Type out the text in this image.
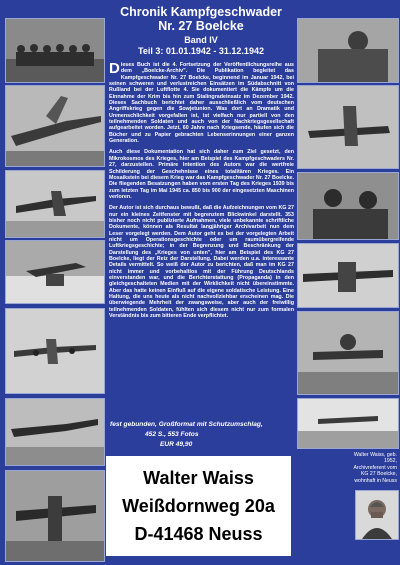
Chronik Kampfgeschwader
Nr. 27 Boelcke
Band IV
Teil 3: 01.01.1942 - 31.12.1942

Dieses Buch ist die 4. Fortsetzung der Veröffentlichungsreihe aus dem „Boelcke-Archiv". Die Publikation begleitet das Kampfgeschwader Nr. 27 Boelcke, beginnend im Januar 1942, bei seinen schweren und verlustreichen Einsätzen im Südabschnitt von Rußland bei der Luftflotte 4. Sie dokumentiert die Kämpfe um die Einnahme der Krim bis hin zum Stalingradeinsatz im Dezember 1942. Dieses Sachbuch berichtet daher ausschließlich vom deutschen Angriffskrieg gegen die Sowjetunion. Was dort an Dramatik und Unmenschlichkeit vorgefallen ist, ist vielfach nur partiell von den teilnehmenden Soldaten und auch von der Nachkriegsgesellschaft aufgearbeitet worden. Jetzt, 60 Jahre nach Kriegsende, häufen sich die Bücher und zu Papier gebrachten Lebenserinnungen einer ganzen Generation.

Auch diese Dokumentation hat sich daher zum Ziel gesetzt, den Mikrokosmos des Krieges, hier am Beispiel des Kampfgeschwaders Nr. 27, darzustellen. Primäre Intention des Autors war die wertfreie Schilderung der Geschehnisse eines totalitären Krieges. Ein Mosaikstein bei diesem Krieg war das Kampfgeschwader Nr. 27 Boelcke. Die fliegenden Besatzungen haben vom ersten Tag des Krieges 1939 bis zum letzten Tag im Mai 1945 ca. 850 bis 900 der eingesetzten Maschinen verloren.

Der Autor ist sich durchaus bewußt, daß die Aufzeichnungen vom KG 27 nur ein kleines Zeitfenster mit begrenztem Blickwinkel darstellt. 353 bisher noch nicht publizierte Aufnahmen, viele unbekannte schriftliche Dokumente, können als Resultat langjähriger Archivarbeit nun dem Leser vorgelegt werden. Dem Autor geht es bei der vorgelegten Arbeit nicht um Operationsgeschichte oder um raumübergreifende Luftkriegsgeschichte; in der Begrenzung und Beschränkung der Darstellung des „Krieges von unten", hier am Beispiel des KG 27 Boelcke, liegt der Reiz der Darstellung. Dabei werden u.a. interessante Details vermittelt. So weiß der Autor zu berichten, daß man im KG 27 nicht immer und vorbehaltlos mit der Führung Deutschlands einverstanden war, und die Berichterstattung (Propaganda) in den gleichgeschalteten Medien mit der Wirklichkeit nicht übereinstimmte. Aber das hatte keinen Einfluß auf die eigene soldatische Leistung. Eine Haltung, die uns heute als nicht nachvollziehbar erscheinen mag. Die überwiegende Mehrheit der zwangsweise, aber auch der freiwillig teilnehmenden Soldaten, fühlten sich diesem nicht nur zum formalen Verständnis bis zum bitteren Ende verpflichtet.

fest gebunden, Großformat mit Schutzumschlag,
452 S., 553 Fotos
EUR 49,90
Walter Waiss
Weißdornweg 20a
D-41468 Neuss
Walter Waiss, geb. 1952, Archivreferent vom KG 27 Boelcke, wohnhaft in Neuss
